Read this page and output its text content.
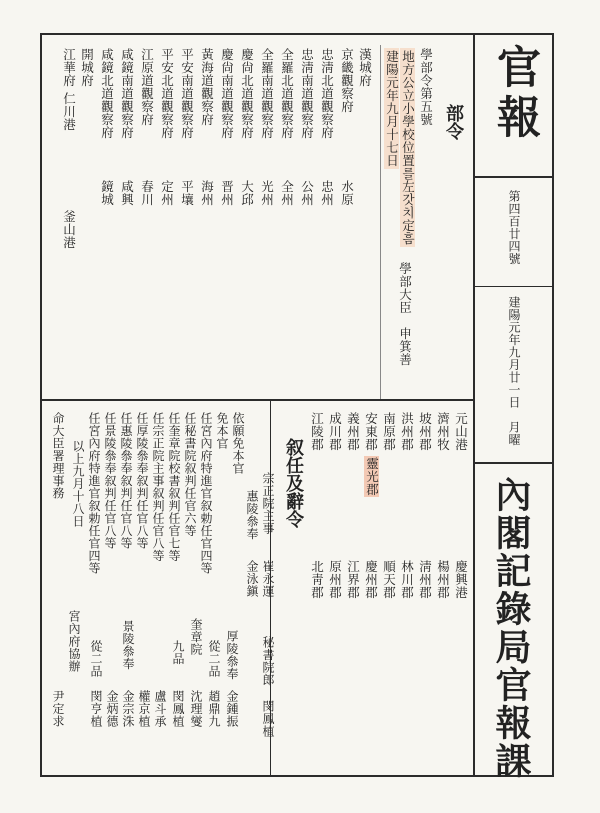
官報
第四百廿四號
建陽元年九月廿一日　月曜
內閣記錄局官報課
部令
學部令第五號
地方公立小學校位置를左갓치定흠
建陽元年九月十七日
學部大臣　申箕善
漢城府
京畿觀察府
水原
忠淸北道觀察府
忠州
忠淸南道觀察府
公州
全羅北道觀察府
全州
全羅南道觀察府
光州
慶尙北道觀察府
大邱
慶尙南道觀察府
晋州
黃海道觀察府
海州
平安南道觀察府
平壤
平安北道觀察府
定州
江原道觀察府
春川
咸鏡南道觀察府
咸興
咸鏡北道觀察府
鏡城
開城府
江華府
仁川港
釜山港
元山港
慶興港
濟州牧
楊州郡
坡州郡
淸州郡
洪州郡
林川郡
南原郡
順天郡
安東郡
慶州郡
靈光郡
義州郡
江界郡
成川郡
原州郡
江陵郡
北靑郡
叙任及辭令
宗正院主事
崔永運
惠陵叅奉
金泳鎭
秘書院郎
閔鳳植
厚陵叅奉
金鍾振
從二品
趙鼎九
奎章院
沈理燮
九品
閔鳳植
依願免本官
免本官
任宮內府特進官叙勅任官四等
任秘書院叙判任官六等
任奎章院校書叙判任官七等
任宗正院主事叙判任官八等
任厚陵叅奉叙判任官八等
任惠陵叅奉叙判任官八等
任景陵叅奉叙判任官八等
任宮內府特進官叙勅任官四等
以上九月十八日
盧斗承
權京植
金宗洙
金炳德
閔亨植
景陵叅奉
從二品
命大臣署理事務
宮內府協辦
尹定求
